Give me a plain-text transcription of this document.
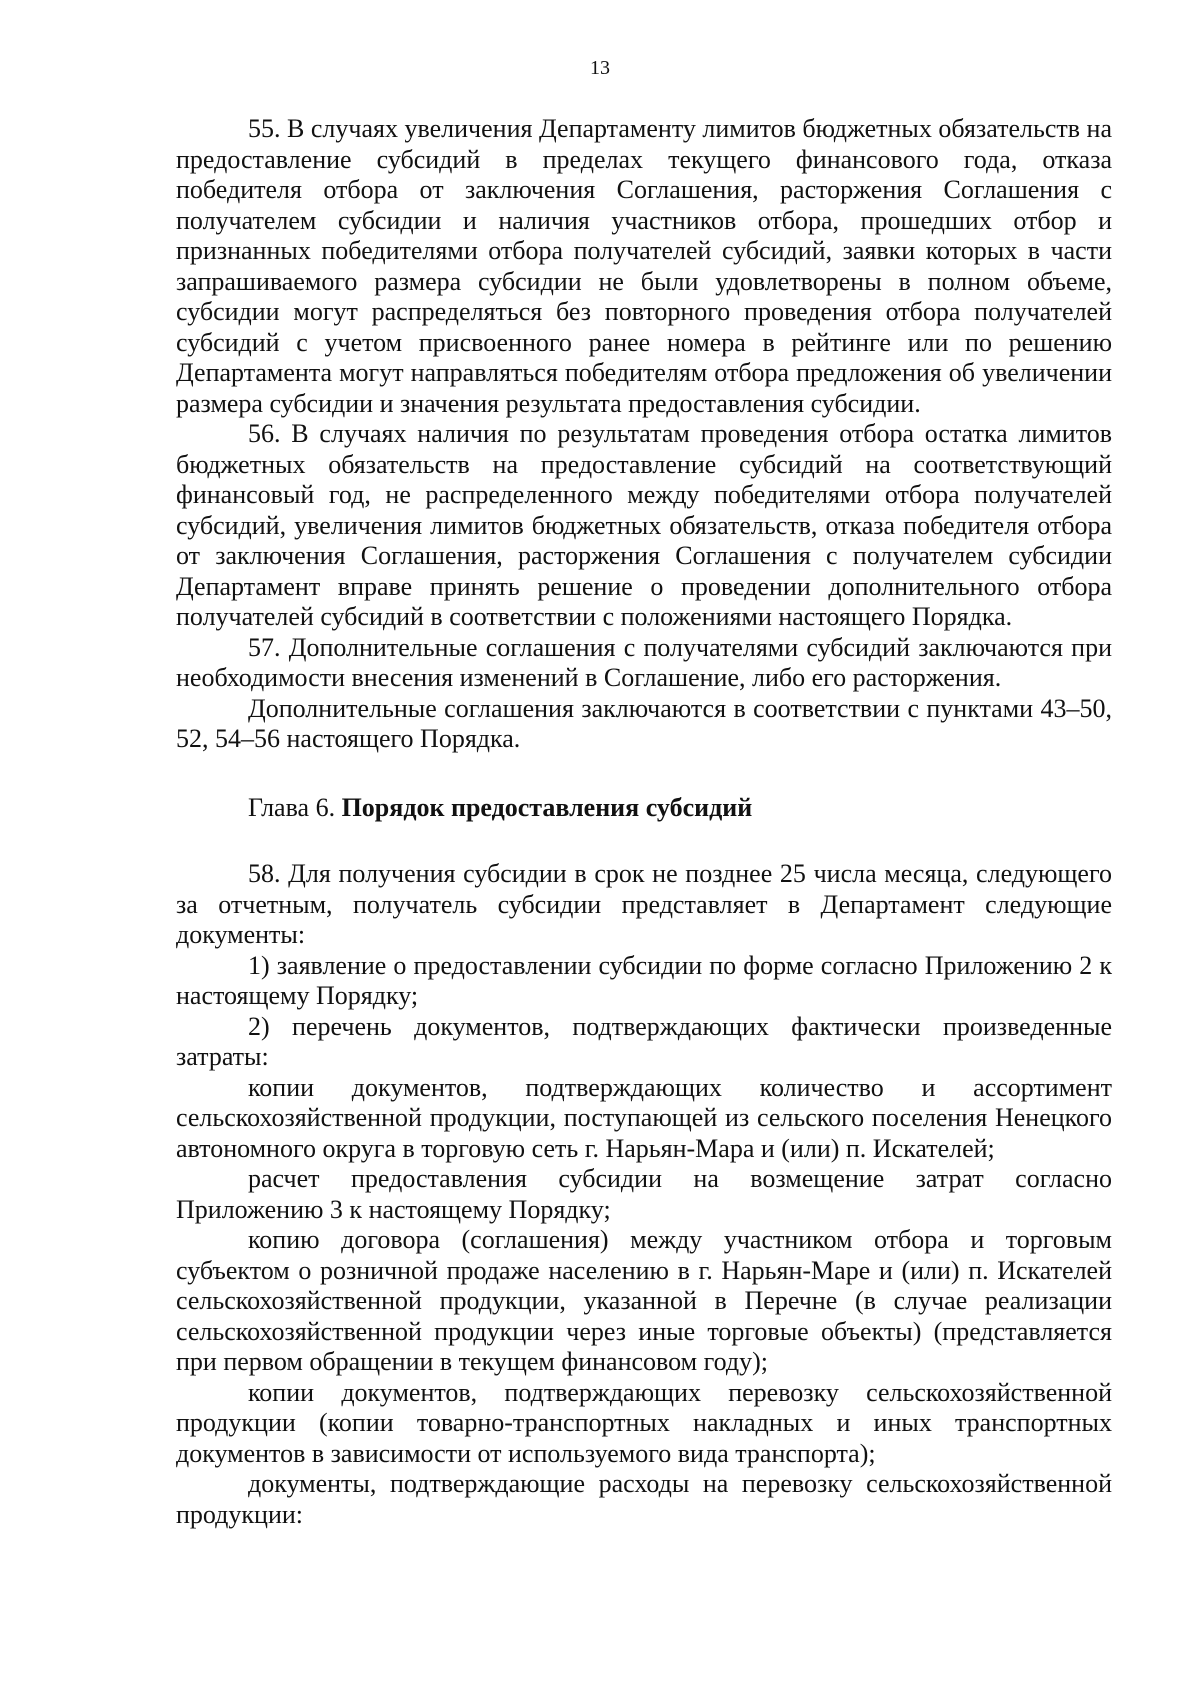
13

55. В случаях увеличения Департаменту лимитов бюджетных обязательств на предоставление субсидий в пределах текущего финансового года, отказа победителя отбора от заключения Соглашения, расторжения Соглашения с получателем субсидии и наличия участников отбора, прошедших отбор и признанных победителями отбора получателей субсидий, заявки которых в части запрашиваемого размера субсидии не были удовлетворены в полном объеме, субсидии могут распределяться без повторного проведения отбора получателей субсидий с учетом присвоенного ранее номера в рейтинге или по решению Департамента могут направляться победителям отбора предложения об увеличении размера субсидии и значения результата предоставления субсидии.

56. В случаях наличия по результатам проведения отбора остатка лимитов бюджетных обязательств на предоставление субсидий на соответствующий финансовый год, не распределенного между победителями отбора получателей субсидий, увеличения лимитов бюджетных обязательств, отказа победителя отбора от заключения Соглашения, расторжения Соглашения с получателем субсидии Департамент вправе принять решение о проведении дополнительного отбора получателей субсидий в соответствии с положениями настоящего Порядка.

57. Дополнительные соглашения с получателями субсидий заключаются при необходимости внесения изменений в Соглашение, либо его расторжения.

Дополнительные соглашения заключаются в соответствии с пунктами 43–50, 52, 54–56 настоящего Порядка.

Глава 6. Порядок предоставления субсидий

58. Для получения субсидии в срок не позднее 25 числа месяца, следующего за отчетным, получатель субсидии представляет в Департамент следующие документы:

1) заявление о предоставлении субсидии по форме согласно Приложению 2 к настоящему Порядку;

2) перечень документов, подтверждающих фактически произведенные затраты:

копии документов, подтверждающих количество и ассортимент сельскохозяйственной продукции, поступающей из сельского поселения Ненецкого автономного округа в торговую сеть г. Нарьян-Мара и (или) п. Искателей;

расчет предоставления субсидии на возмещение затрат согласно Приложению 3 к настоящему Порядку;

копию договора (соглашения) между участником отбора и торговым субъектом о розничной продаже населению в г. Нарьян-Маре и (или) п. Искателей сельскохозяйственной продукции, указанной в Перечне (в случае реализации сельскохозяйственной продукции через иные торговые объекты) (представляется при первом обращении в текущем финансовом году);

копии документов, подтверждающих перевозку сельскохозяйственной продукции (копии товарно-транспортных накладных и иных транспортных документов в зависимости от используемого вида транспорта);

документы, подтверждающие расходы на перевозку сельскохозяйственной продукции:
